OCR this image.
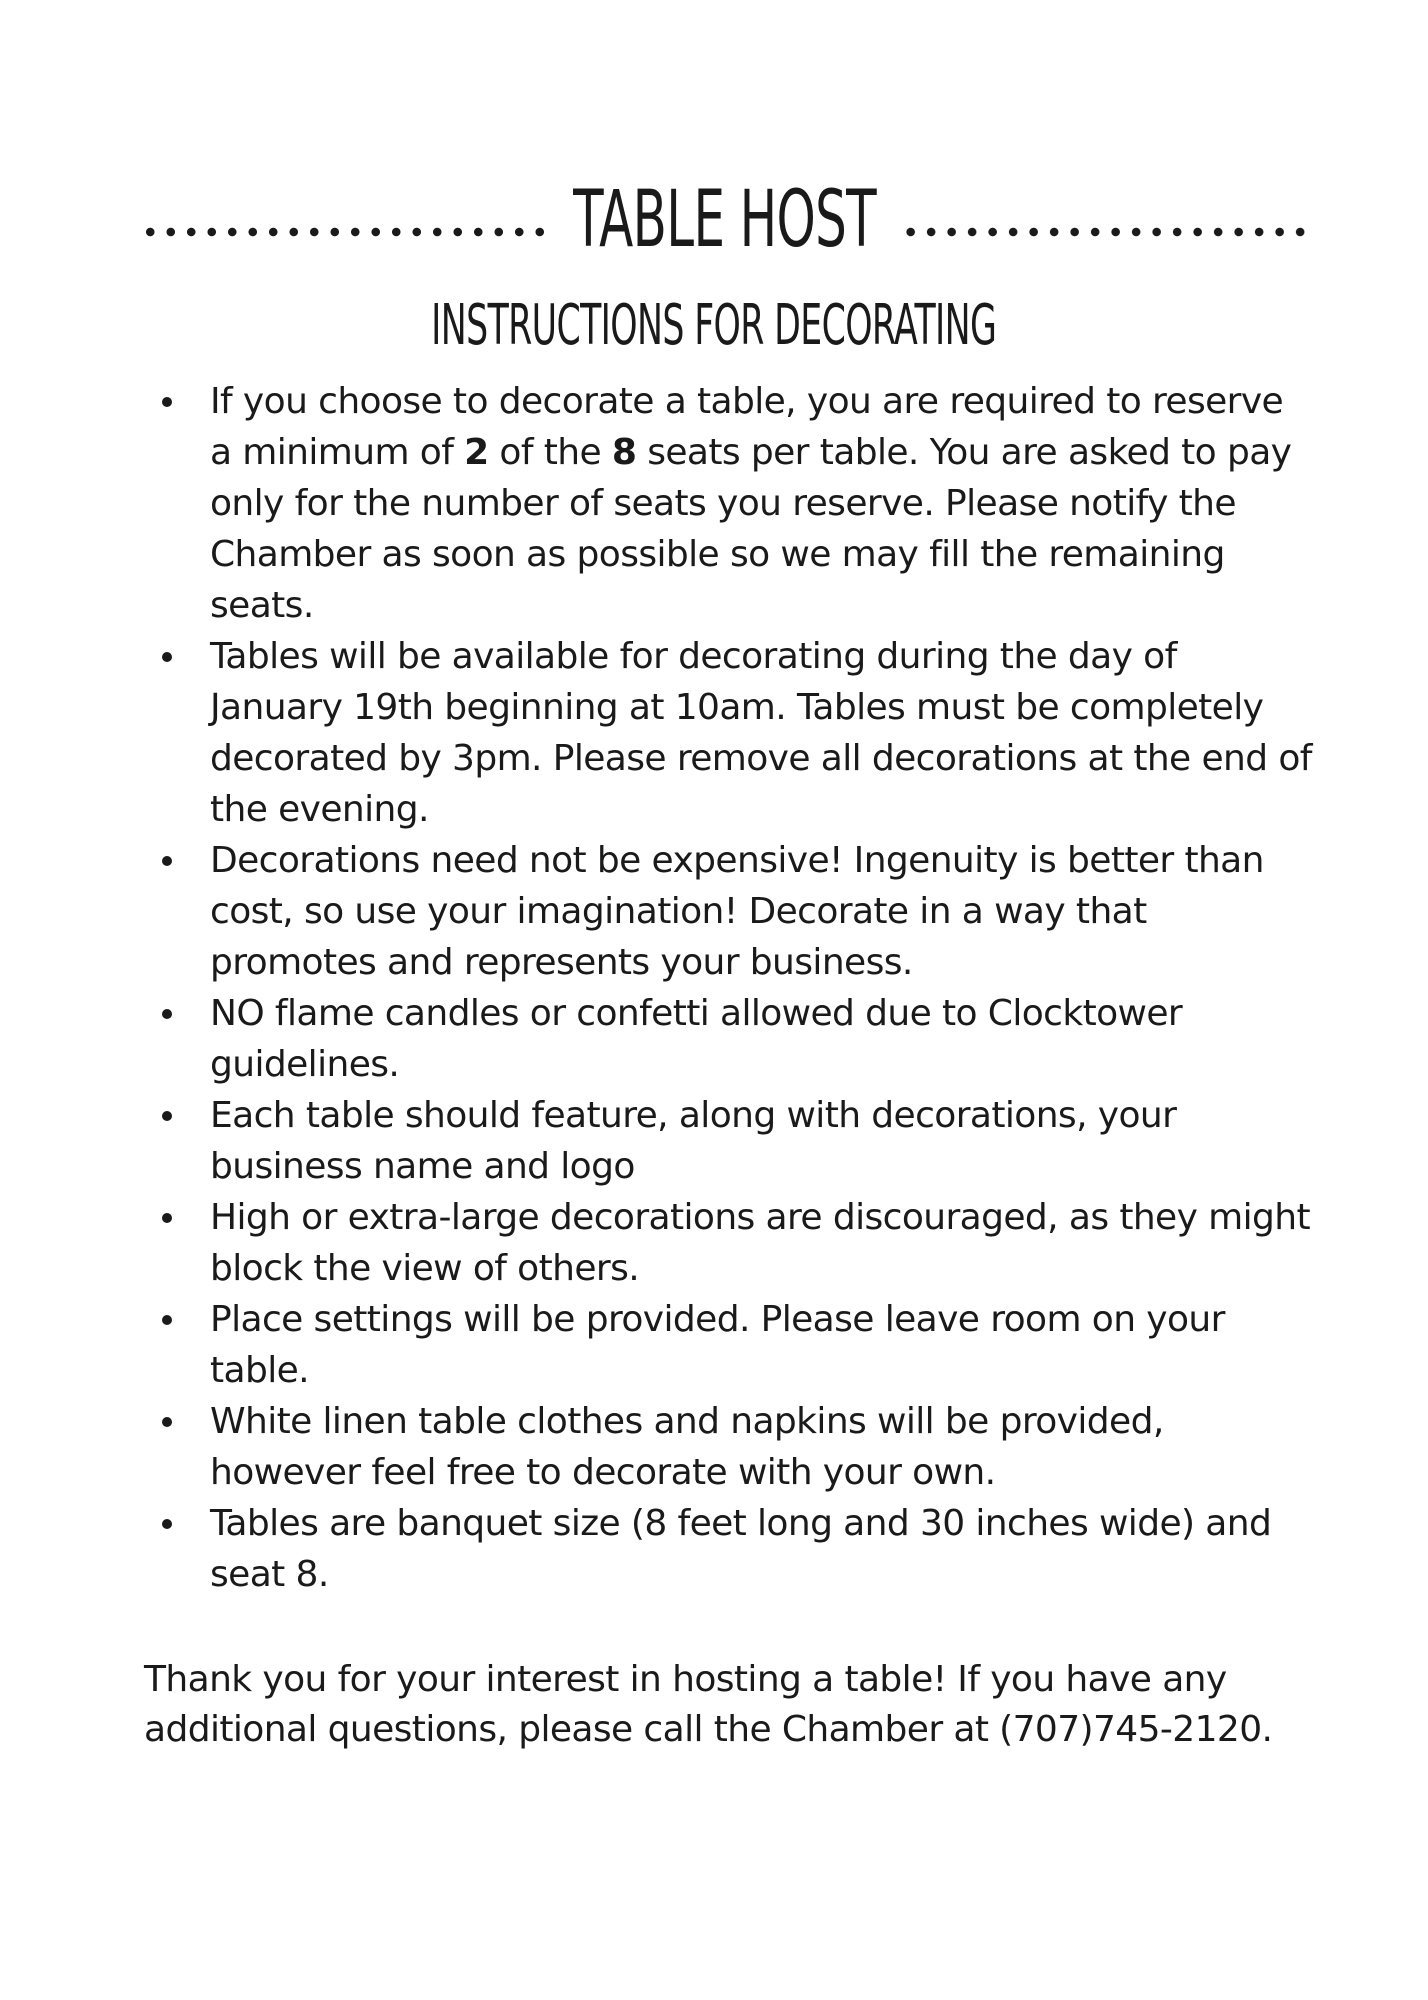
TABLE HOST
INSTRUCTIONS FOR DECORATING
If you choose to decorate a table, you are required to reserve a minimum of 2 of the 8 seats per table. You are asked to pay only for the number of seats you reserve. Please notify the Chamber as soon as possible so we may fill the remaining seats.
Tables will be available for decorating during the day of January 19th beginning at 10am. Tables must be completely decorated by 3pm. Please remove all decorations at the end of the evening.
Decorations need not be expensive! Ingenuity is better than cost, so use your imagination! Decorate in a way that promotes and represents your business.
NO flame candles or confetti allowed due to Clocktower guidelines.
Each table should feature, along with decorations, your business name and logo
High or extra-large decorations are discouraged, as they might block the view of others.
Place settings will be provided. Please leave room on your table.
White linen table clothes and napkins will be provided, however feel free to decorate with your own.
Tables are banquet size (8 feet long and 30 inches wide) and seat 8.

Thank you for your interest in hosting a table! If you have any additional questions, please call the Chamber at (707)745-2120.
